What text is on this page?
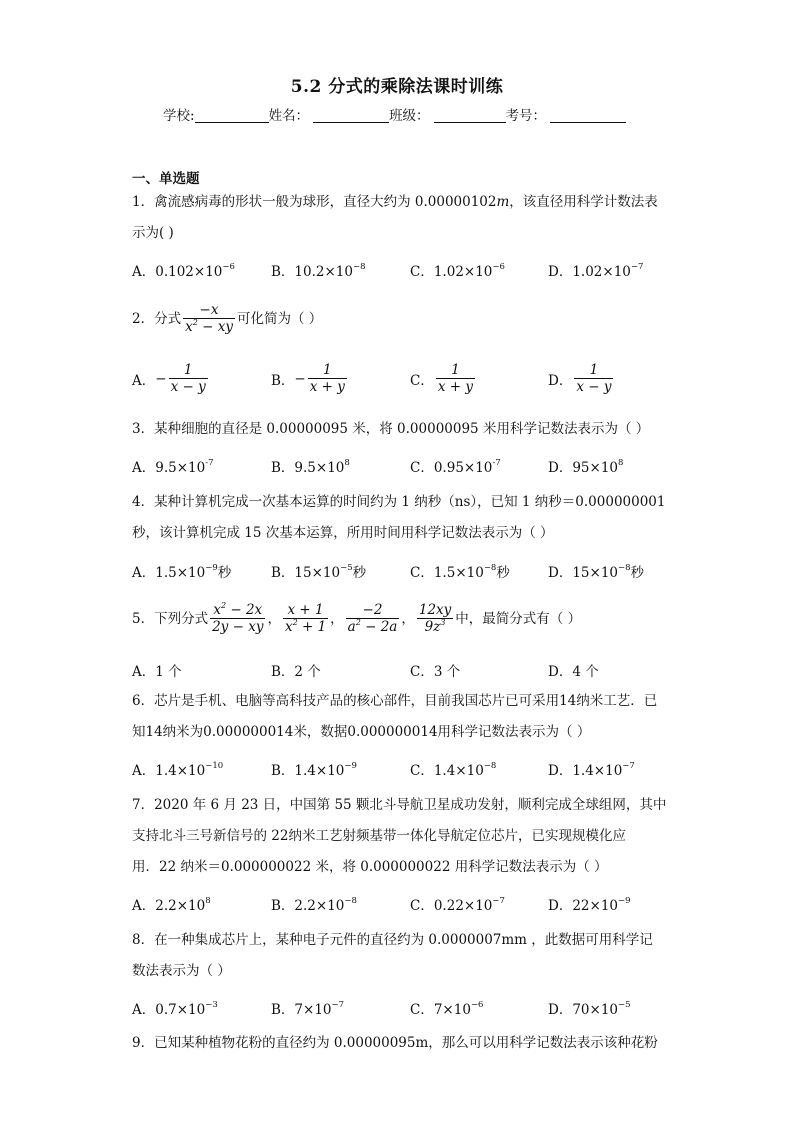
5.2 分式的乘除法课时训练
学校:	姓名：	班级：	考号：
一、单选题
1．禽流感病毒的形状一般为球形，直径大约为 0.00000102m，该直径用科学计数法表
示为( )
A．$0.102\times 10^{-6}$	B．$10.2\times 10^{-8}$	C．$1.02\times 10^{-6}$	D．$1.02\times 10^{-7}$
2．分式 $\frac{-x}{x^2 - xy}$ 可化简为（ ）
A．− $\frac{1}{x - y}$	B．− $\frac{1}{x + y}$	C． $\frac{1}{x + y}$	D． $\frac{1}{x - y}$
3．某种细胞的直径是 0.00000095 米，将 0.00000095 米用科学记数法表示为（ ）
A．$9.5\times 10^{-7}$	B．$9.5\times 10^8$	C．$0.95\times 10^{-7}$	D．$95\times 10^8$
4．某种计算机完成一次基本运算的时间约为 1 纳秒（ns），已知 1 纳秒＝0.000000001
秒，该计算机完成 15 次基本运算，所用时间用科学记数法表示为（ ）
A．$1.5\times 10^{-9}$秒	B．$15\times 10^{-5}$秒	C．$1.5\times 10^{-8}$秒	D．$15\times 10^{-8}$秒
5．下列分式 $\frac{x^2 - 2x}{2y - xy}$ ， $\frac{x + 1}{x^2 + 1}$ ， $\frac{-2}{a^2 - 2a}$ ， $\frac{12xy}{9z^3}$ 中，最简分式有（ ）
A．1 个	B．2 个	C．3 个	D．4 个
6．芯片是手机、电脑等高科技产品的核心部件，目前我国芯片已可采用14纳米工艺．已
知14纳米为0.000000014米，数据0.000000014用科学记数法表示为（ ）
A．$1.4\times 10^{-10}$	B．$1.4\times 10^{-9}$	C．$1.4\times 10^{-8}$	D．$1.4\times 10^{-7}$
7．2020 年 6 月 23 日，中国第 55 颗北斗导航卫星成功发射，顺利完成全球组网，其中
支持北斗三号新信号的 22纳米工艺射频基带一体化导航定位芯片，已实现规模化应
用．22 纳米＝0.000000022 米，将 0.000000022 用科学记数法表示为（ ）
A．$2.2\times 10^8$	B．$2.2\times 10^{-8}$	C．$0.22\times 10^{-7}$	D．$22\times 10^{-9}$
8．在一种集成芯片上，某种电子元件的直径约为 0.0000007mm ，此数据可用科学记
数法表示为（ ）
A．$0.7\times 10^{-3}$	B．$7\times 10^{-7}$	C．$7\times 10^{-6}$	D．$70\times 10^{-5}$
9．已知某种植物花粉的直径约为 0.00000095m，那么可以用科学记数法表示该种花粉
